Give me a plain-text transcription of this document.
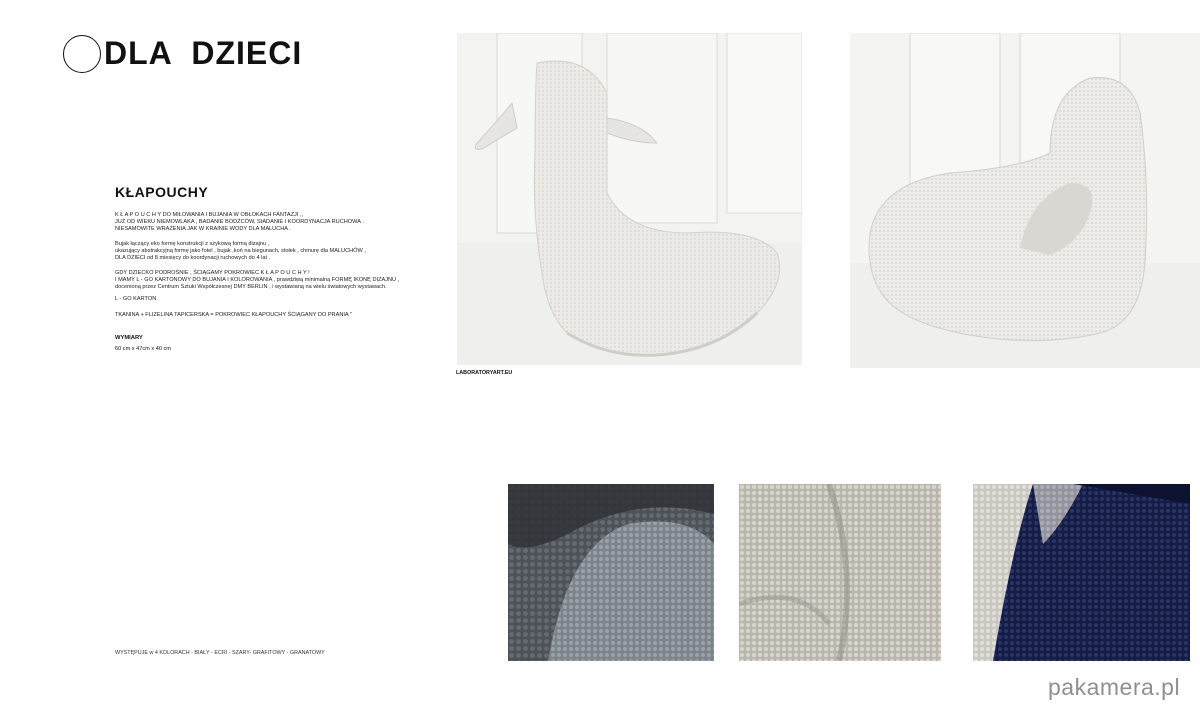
DLA  DZIECI
KŁAPOUCHY

K Ł A P O U C H Y DO MIŁOWANIA I BUJANIA W OBŁOKACH FANTAZJI ,,

JUŻ OD WIEKU NIEMOWLAKA , BADANIE BODŹCÓW, SIADANIE I KOORDYNACJA RUCHOWA .

NIESAMOWITE WRAŻENIA JAK W KRAINIE WODY DLA MALUCHA .

Bujak łączący eko formę konstrukcji z szykową formą dizajnu ,

ukazujący abstrakcyjną formę jako fotel , bujak ,koń na biegunach, stołek , chmurę dla MALUCHÓW ,

DLA DZIECI od 8 miesięcy do koordynacji ruchowych do 4 lat .

GDY DZIECKO PODROŚNIE , ŚCIĄGAMY POKROWIEC K Ł A P O U C H Y !

I MAMY L - GO KARTONOWY DO BUJANIA I KOLOROWANIA , prawdziwą minimalną FORMĘ IKONĘ DIZAJNU ,

docenioną przez Centrum Sztuki Współczesnej DMY BERLIN , i wystawianą na wielu światowych wystawach.

L - GO KARTON

TKANINA + FLIZELINA TAPICERSKA = POKROWIEC KŁAPOUCHY ŚCIĄGANY DO PRANIA "

WYMIARY
60 cm x 47cm x 40 cm
LABORATORYART.EU
WYSTĘPUJE w 4 KOLORACH - BIAŁY - ECRI - SZARY- GRAFITOWY - GRANATOWY
pakamera.pl
